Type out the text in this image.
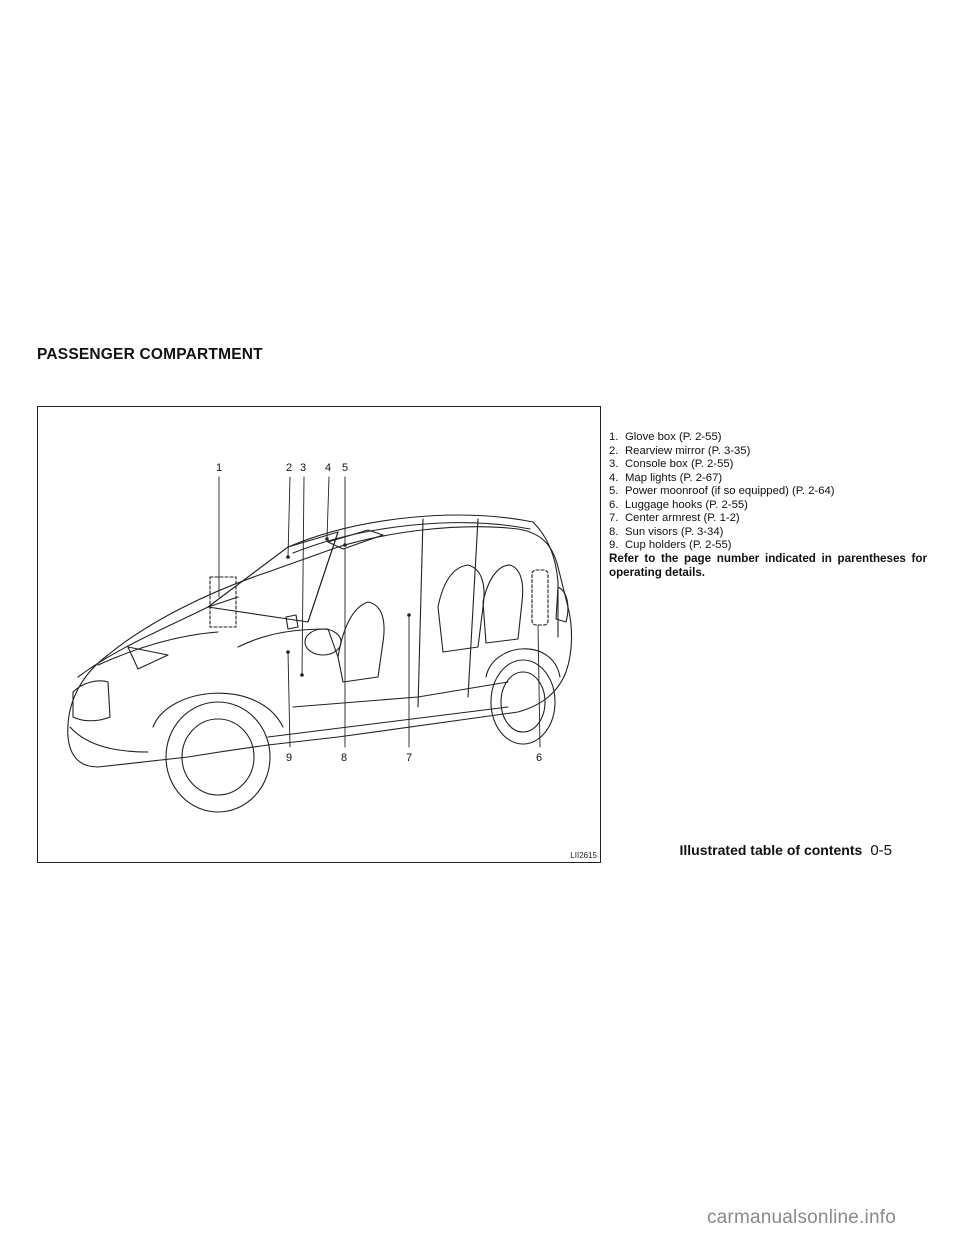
PASSENGER COMPARTMENT
1	2 3 4 5
6
7
8
9
LII2615
1. Glove box (P. 2-55)
2. Rearview mirror (P. 3-35)
3. Console box (P. 2-55)
4. Map lights (P. 2-67)
5. Power moonroof (if so equipped) (P. 2-64)
6. Luggage hooks (P. 2-55)
7. Center armrest (P. 1-2)
8. Sun visors (P. 3-34)
9. Cup holders (P. 2-55)

Refer to the page number indicated in parentheses for operating details.

Illustrated table of contents 0-5
carmanualsonline.info
